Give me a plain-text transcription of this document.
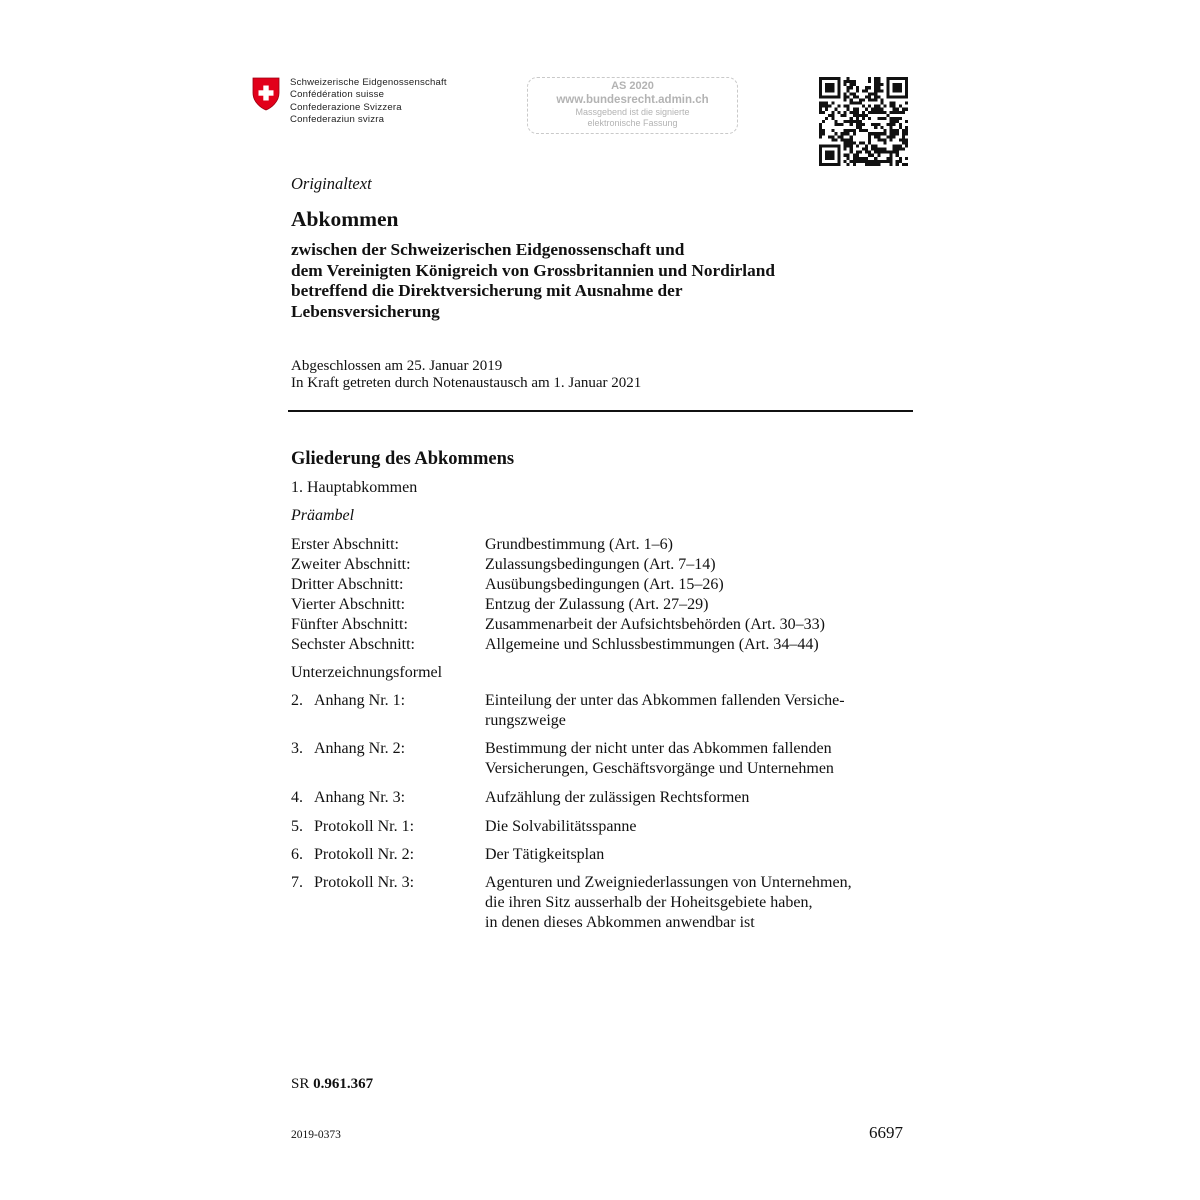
Schweizerische Eidgenossenschaft
Confédération suisse
Confederazione Svizzera
Confederaziun svizra
AS 2020
www.bundesrecht.admin.ch
Massgebend ist die signierte
elektronische Fassung
Originaltext
Abkommen
zwischen der Schweizerischen Eidgenossenschaft und
dem Vereinigten Königreich von Grossbritannien und Nordirland
betreffend die Direktversicherung mit Ausnahme der
Lebensversicherung
Abgeschlossen am 25. Januar 2019
In Kraft getreten durch Notenaustausch am 1. Januar 2021
Gliederung des Abkommens
1. Hauptabkommen
Präambel
Erster Abschnitt:	Grundbestimmung (Art. 1–6)
Zweiter Abschnitt:	Zulassungsbedingungen (Art. 7–14)
Dritter Abschnitt:	Ausübungsbedingungen (Art. 15–26)
Vierter Abschnitt:	Entzug der Zulassung (Art. 27–29)
Fünfter Abschnitt:	Zusammenarbeit der Aufsichtsbehörden (Art. 30–33)
Sechster Abschnitt:	Allgemeine und Schlussbestimmungen (Art. 34–44)
Unterzeichnungsformel
2. Anhang Nr. 1:	Einteilung der unter das Abkommen fallenden Versiche-
rungszweige
3. Anhang Nr. 2:	Bestimmung der nicht unter das Abkommen fallenden
Versicherungen, Geschäftsvorgänge und Unternehmen
4. Anhang Nr. 3:	Aufzählung der zulässigen Rechtsformen
5. Protokoll Nr. 1:	Die Solvabilitätsspanne
6. Protokoll Nr. 2:	Der Tätigkeitsplan
7. Protokoll Nr. 3:	Agenturen und Zweigniederlassungen von Unternehmen,
die ihren Sitz ausserhalb der Hoheitsgebiete haben,
in denen dieses Abkommen anwendbar ist
SR 0.961.367
2019-0373	6697
